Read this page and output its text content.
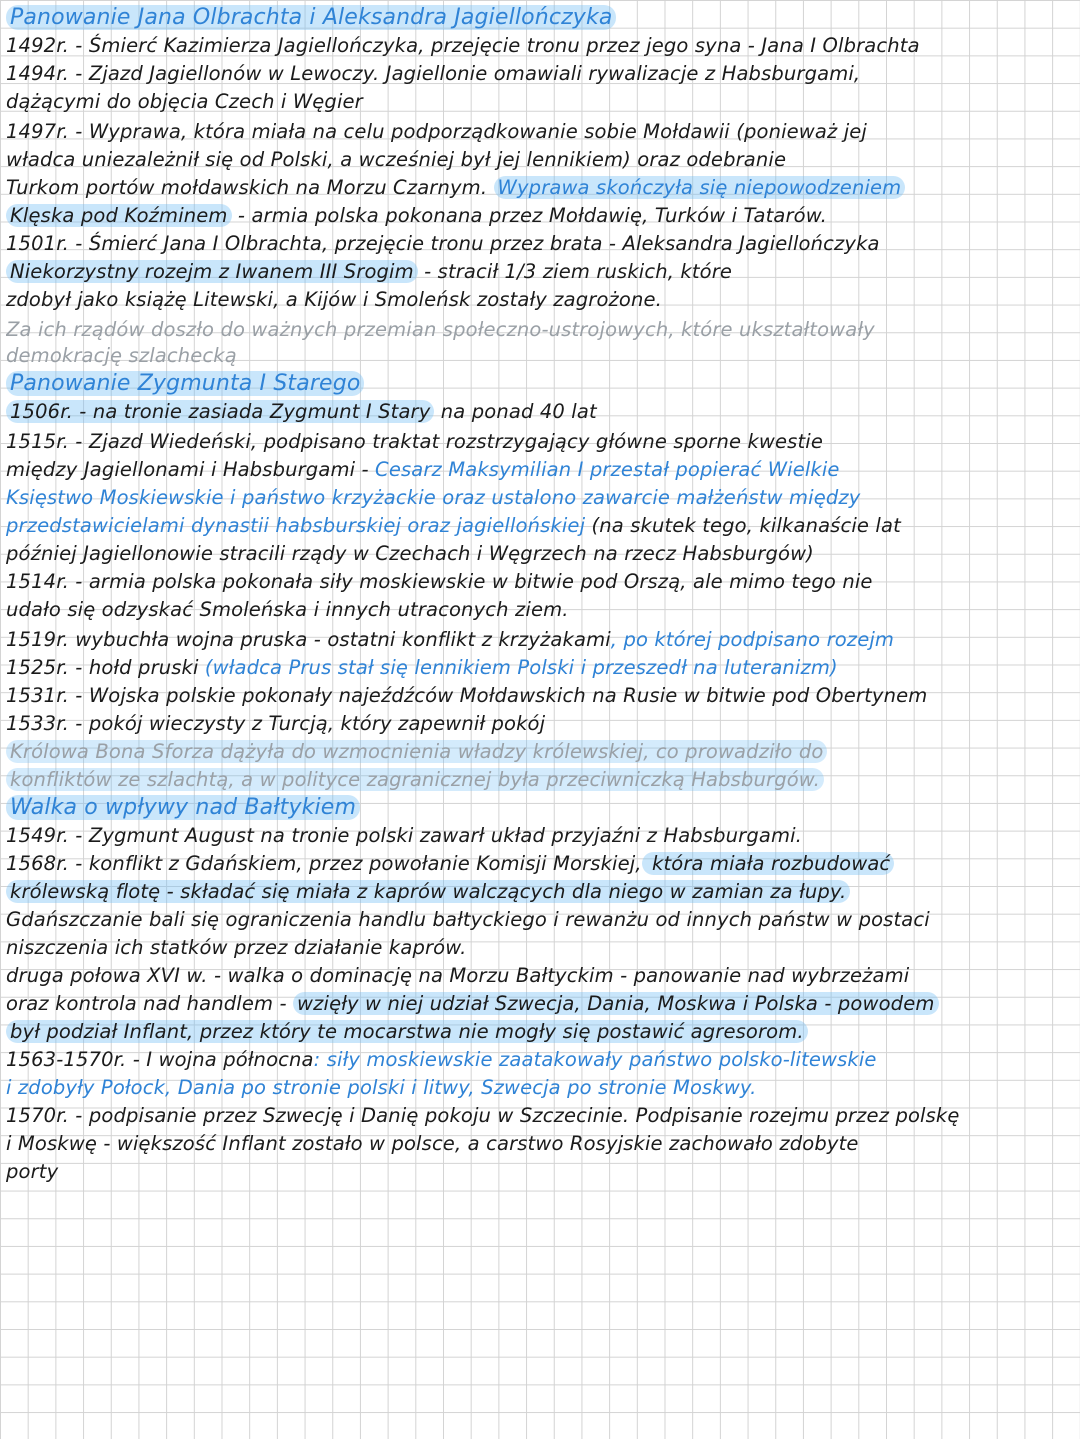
Panowanie Jana Olbrachta i Aleksandra Jagiellończyka
1492r. - Śmierć Kazimierza Jagiellończyka, przejęcie tronu przez jego syna - Jana I Olbrachta
1494r. - Zjazd Jagiellonów w Lewoczy. Jagiellonie omawiali rywalizacje z Habsburgami,
dążącymi do objęcia Czech i Węgier
1497r. - Wyprawa, która miała na celu podporządkowanie sobie Mołdawii (ponieważ jej
władca uniezależnił się od Polski, a wcześniej był jej lennikiem) oraz odebranie
Turkom portów mołdawskich na Morzu Czarnym. Wyprawa skończyła się niepowodzeniem
Klęska pod Koźminem - armia polska pokonana przez Mołdawię, Turków i Tatarów.
1501r. - Śmierć Jana I Olbrachta, przejęcie tronu przez brata - Aleksandra Jagiellończyka
Niekorzystny rozejm z Iwanem III Srogim - stracił 1/3 ziem ruskich, które
zdobył jako książę Litewski, a Kijów i Smoleńsk zostały zagrożone.
Za ich rządów doszło do ważnych przemian społeczno-ustrojowych, które ukształtowały
demokrację szlachecką
Panowanie Zygmunta I Starego
1506r. - na tronie zasiada Zygmunt I Stary na ponad 40 lat
1515r. - Zjazd Wiedeński, podpisano traktat rozstrzygający główne sporne kwestie
między Jagiellonami i Habsburgami - Cesarz Maksymilian I przestał popierać Wielkie
Księstwo Moskiewskie i państwo krzyżackie oraz ustalono zawarcie małżeństw między
przedstawicielami dynastii habsburskiej oraz jagiellońskiej (na skutek tego, kilkanaście lat
później Jagiellonowie stracili rządy w Czechach i Węgrzech na rzecz Habsburgów)
1514r. - armia polska pokonała siły moskiewskie w bitwie pod Orszą, ale mimo tego nie
udało się odzyskać Smoleńska i innych utraconych ziem.
1519r. wybuchła wojna pruska - ostatni konflikt z krzyżakami, po której podpisano rozejm
1525r. - hołd pruski (władca Prus stał się lennikiem Polski i przeszedł na luteranizm)
1531r. - Wojska polskie pokonały najeźdźców Mołdawskich na Rusie w bitwie pod Obertynem
1533r. - pokój wieczysty z Turcją, który zapewnił pokój
Królowa Bona Sforza dążyła do wzmocnienia władzy królewskiej, co prowadziło do
konfliktów ze szlachtą, a w polityce zagranicznej była przeciwniczką Habsburgów.
Walka o wpływy nad Bałtykiem
1549r. - Zygmunt August na tronie polski zawarł układ przyjaźni z Habsburgami.
1568r. - konflikt z Gdańskiem, przez powołanie Komisji Morskiej, która miała rozbudować
królewską flotę - składać się miała z kaprów walczących dla niego w zamian za łupy.
Gdańszczanie bali się ograniczenia handlu bałtyckiego i rewanżu od innych państw w postaci
niszczenia ich statków przez działanie kaprów.
druga połowa XVI w. - walka o dominację na Morzu Bałtyckim - panowanie nad wybrzeżami
oraz kontrola nad handlem - wzięły w niej udział Szwecja, Dania, Moskwa i Polska - powodem
był podział Inflant, przez który te mocarstwa nie mogły się postawić agresorom.
1563-1570r. - I wojna północna: siły moskiewskie zaatakowały państwo polsko-litewskie
i zdobyły Połock, Dania po stronie polski i litwy, Szwecja po stronie Moskwy.
1570r. - podpisanie przez Szwecję i Danię pokoju w Szczecinie. Podpisanie rozejmu przez polskę
i Moskwę - większość Inflant zostało w polsce, a carstwo Rosyjskie zachowało zdobyte
porty
